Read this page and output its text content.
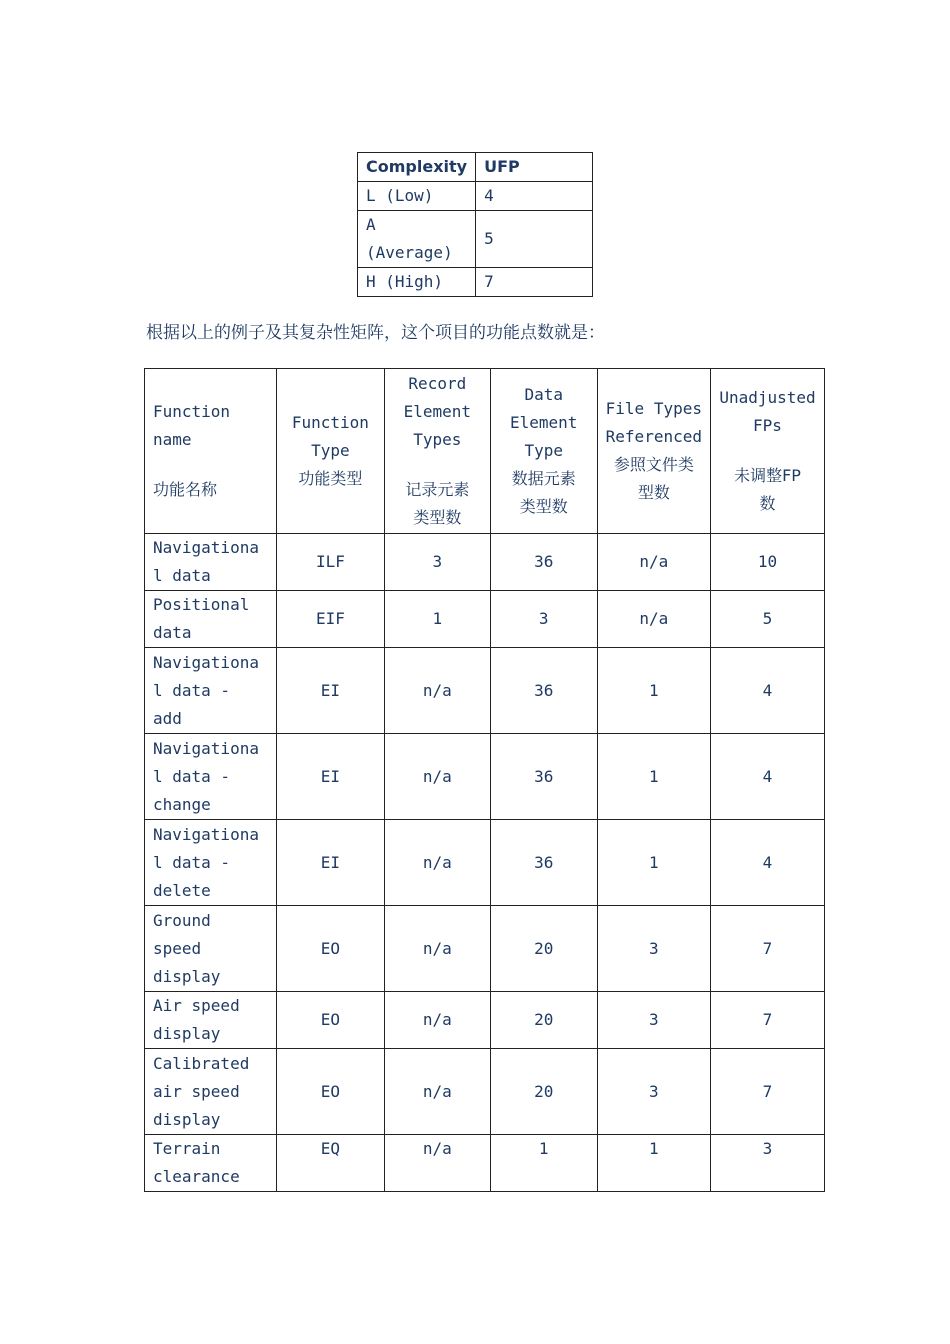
Complexity	UFP
L (Low)	4
A
(Average)	5
H (High)	7
根据以上的例子及其复杂性矩阵，这个项目的功能点数就是：
Function
name
功能名称	Function
Type
功能类型	Record
Element
Types
记录元素
类型数	Data
Element
Type
数据元素
类型数	File Types
Referenced
参照文件类
型数	Unadjusted
FPs
未调整FP
数
Navigationa
l data	ILF	3	36	n/a	10
Positional
data	EIF	1	3	n/a	5
Navigationa
l data -
add	EI	n/a	36	1	4
Navigationa
l data -
change	EI	n/a	36	1	4
Navigationa
l data -
delete	EI	n/a	36	1	4
Ground
speed
display	EO	n/a	20	3	7
Air speed
display	EO	n/a	20	3	7
Calibrated
air speed
display	EO	n/a	20	3	7
Terrain
clearance	EQ	n/a	1	1	3
